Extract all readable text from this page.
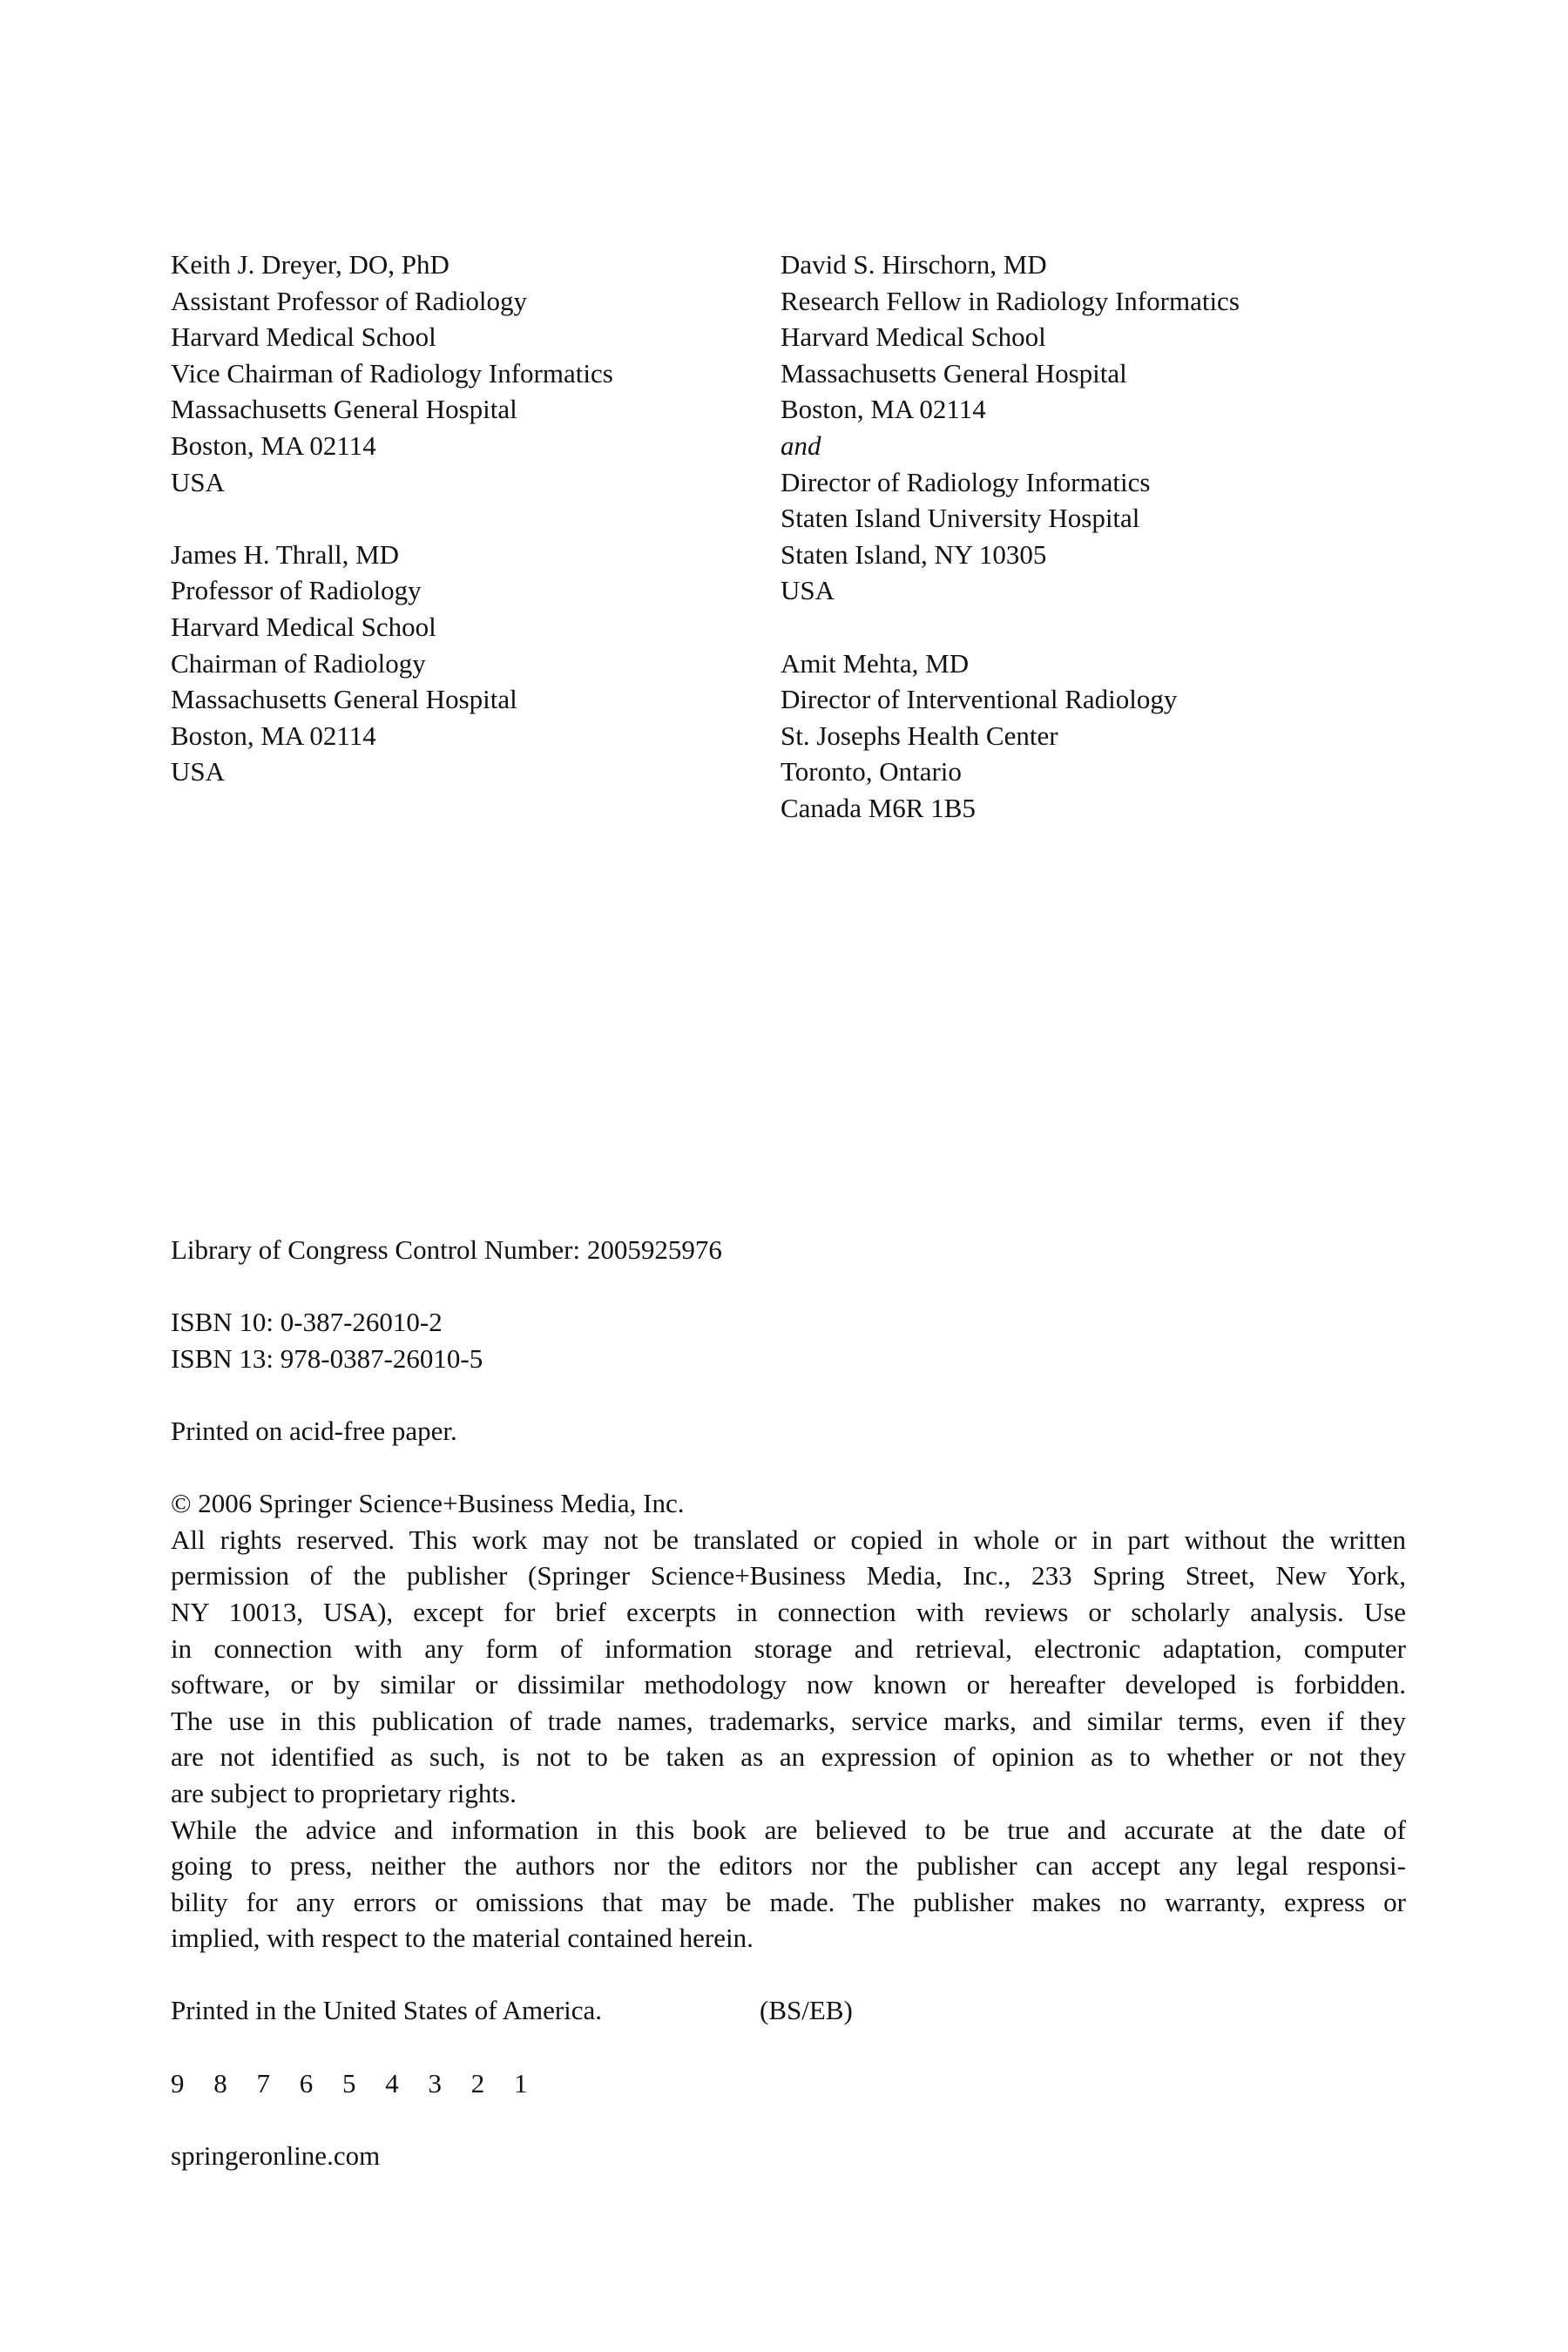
Keith J. Dreyer, DO, PhD
Assistant Professor of Radiology
Harvard Medical School
Vice Chairman of Radiology Informatics
Massachusetts General Hospital
Boston, MA 02114
USA
James H. Thrall, MD
Professor of Radiology
Harvard Medical School
Chairman of Radiology
Massachusetts General Hospital
Boston, MA 02114
USA
David S. Hirschorn, MD
Research Fellow in Radiology Informatics
Harvard Medical School
Massachusetts General Hospital
Boston, MA 02114
and
Director of Radiology Informatics
Staten Island University Hospital
Staten Island, NY 10305
USA
Amit Mehta, MD
Director of Interventional Radiology
St. Josephs Health Center
Toronto, Ontario
Canada M6R 1B5
Library of Congress Control Number: 2005925976
ISBN 10: 0-387-26010-2
ISBN 13: 978-0387-26010-5
Printed on acid-free paper.
© 2006 Springer Science+Business Media, Inc.
All rights reserved. This work may not be translated or copied in whole or in part without the written
permission of the publisher (Springer Science+Business Media, Inc., 233 Spring Street, New York,
NY 10013, USA), except for brief excerpts in connection with reviews or scholarly analysis. Use
in connection with any form of information storage and retrieval, electronic adaptation, computer
software, or by similar or dissimilar methodology now known or hereafter developed is forbidden.
The use in this publication of trade names, trademarks, service marks, and similar terms, even if they
are not identified as such, is not to be taken as an expression of opinion as to whether or not they
are subject to proprietary rights.
While the advice and information in this book are believed to be true and accurate at the date of
going to press, neither the authors nor the editors nor the publisher can accept any legal responsi-
bility for any errors or omissions that may be made. The publisher makes no warranty, express or
implied, with respect to the material contained herein.
Printed in the United States of America.	(BS/EB)
9 8 7 6 5 4 3 2 1
springeronline.com
